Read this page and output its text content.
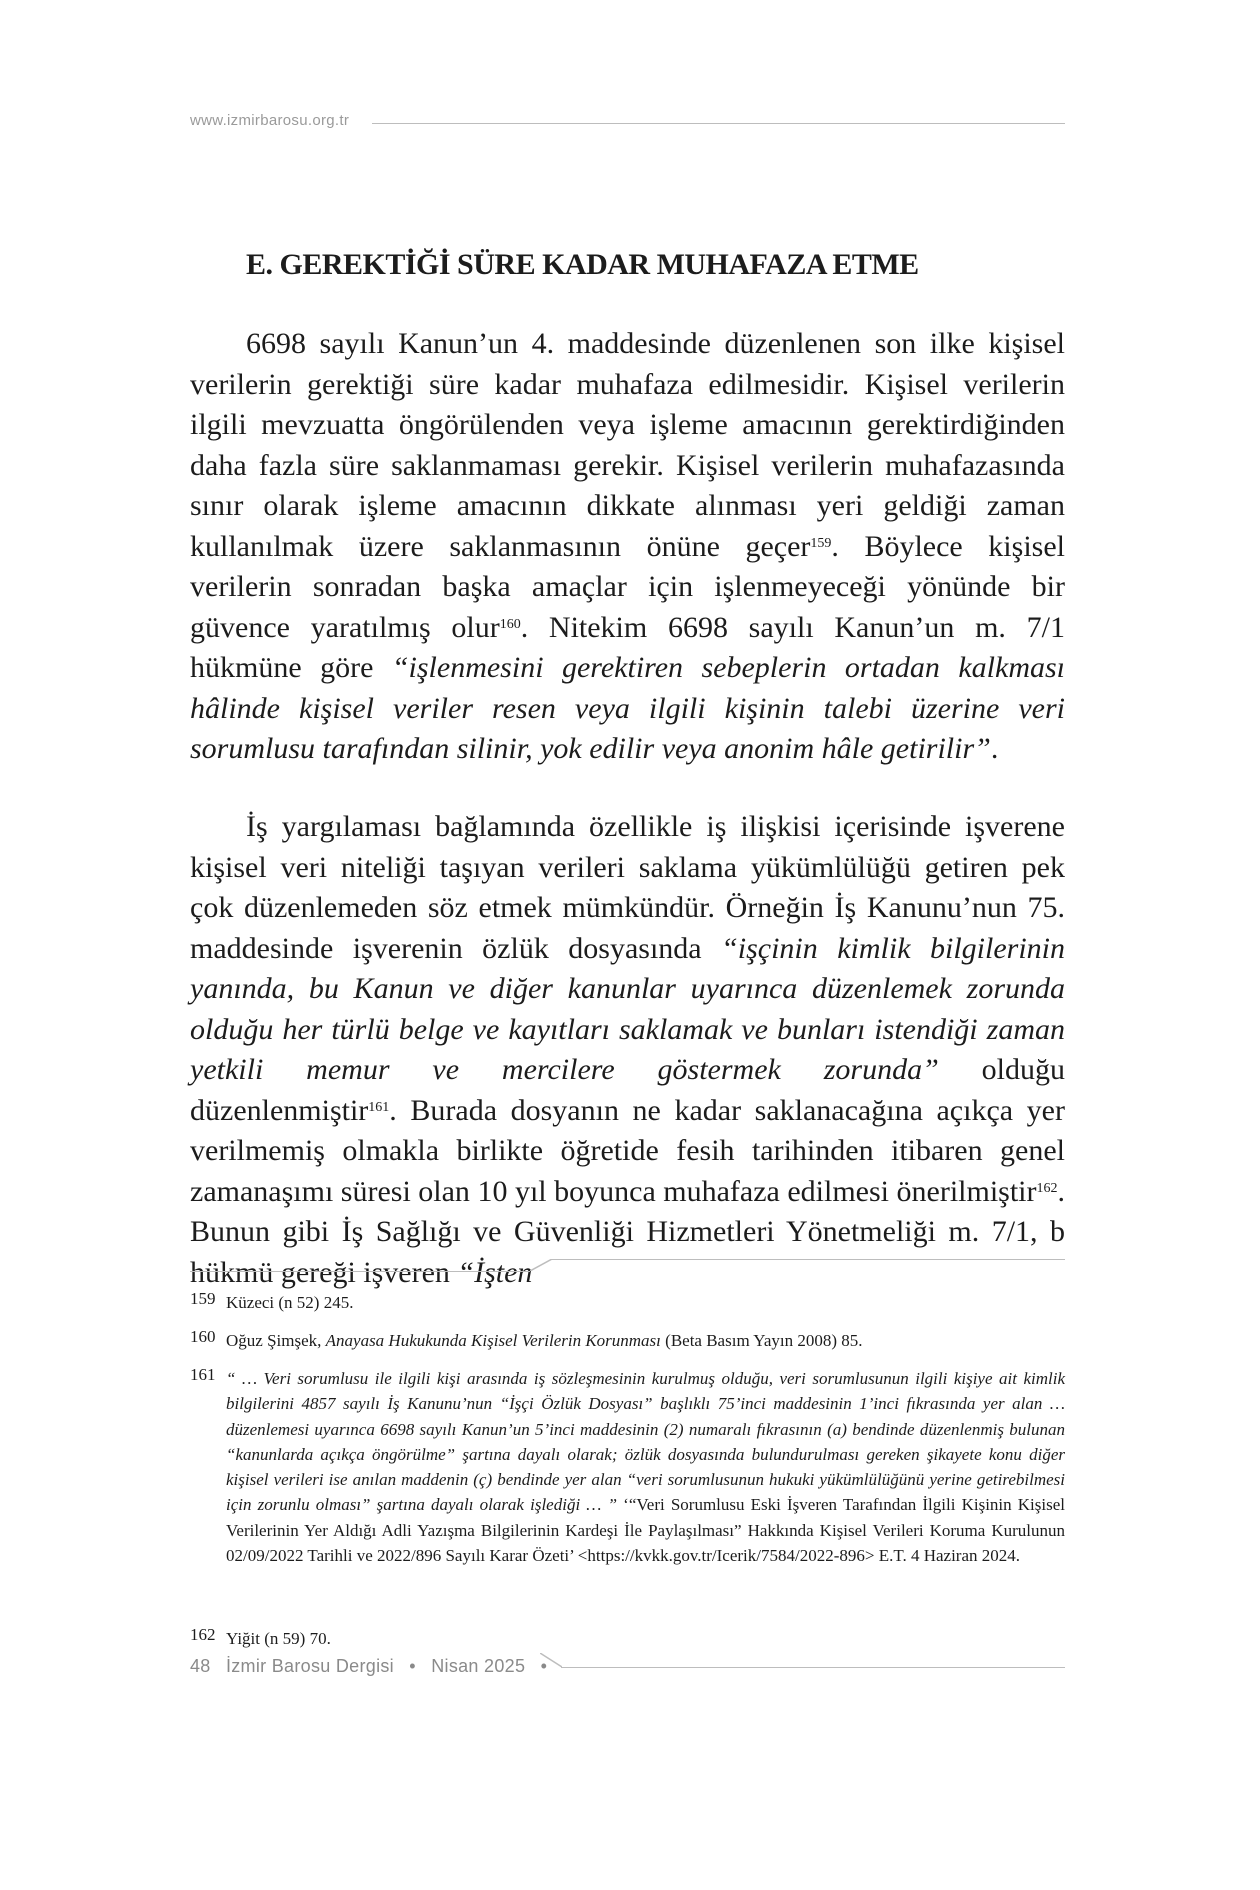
www.izmirbarosu.org.tr
E. GEREKTİĞİ SÜRE KADAR MUHAFAZA ETME

6698 sayılı Kanun’un 4. maddesinde düzenlenen son ilke kişisel verilerin gerektiği süre kadar muhafaza edilmesidir. Kişisel verilerin ilgili mevzuatta öngörülenden veya işleme amacının gerektirdiğinden daha fazla süre saklanmaması gerekir. Kişisel verilerin muhafazasında sınır olarak işleme amacının dikkate alınması yeri geldiği zaman kullanılmak üzere saklanmasının önüne geçer$^{159}$. Böylece kişisel verilerin sonradan başka amaçlar için işlenmeyeceği yönünde bir güvence yaratılmış olur$^{160}$. Nitekim 6698 sayılı Kanun’un m. 7/1 hükmüne göre “işlenmesini gerektiren sebeplerin ortadan kalkması hâlinde kişisel veriler resen veya ilgili kişinin talebi üzerine veri sorumlusu tarafından silinir, yok edilir veya anonim hâle getirilir”.

İş yargılaması bağlamında özellikle iş ilişkisi içerisinde işverene kişisel veri niteliği taşıyan verileri saklama yükümlülüğü getiren pek çok düzenlemeden söz etmek mümkündür. Örneğin İş Kanunu’nun 75. maddesinde işverenin özlük dosyasında “işçinin kimlik bilgilerinin yanında, bu Kanun ve diğer kanunlar uyarınca düzenlemek zorunda olduğu her türlü belge ve kayıtları saklamak ve bunları istendiği zaman yetkili memur ve mercilere göstermek zorunda” olduğu düzenlenmiştir$^{161}$. Burada dosyanın ne kadar saklanacağına açıkça yer verilmemiş olmakla birlikte öğretide fesih tarihinden itibaren genel zamanaşımı süresi olan 10 yıl boyunca muhafaza edilmesi önerilmiştir$^{162}$. Bunun gibi İş Sağlığı ve Güvenliği Hizmetleri Yönetmeliği m. 7/1, b hükmü gereği işveren “İşten

159 Küzeci (n 52) 245.
160 Oğuz Şimşek, Anayasa Hukukunda Kişisel Verilerin Korunması (Beta Basım Yayın 2008) 85.
161 “ … Veri sorumlusu ile ilgili kişi arasında iş sözleşmesinin kurulmuş olduğu, veri sorumlusunun ilgili kişiye ait kimlik bilgilerini 4857 sayılı İş Kanunu’nun “İşçi Özlük Dosyası” başlıklı 75’inci maddesinin 1’inci fıkrasında yer alan … düzenlemesi uyarınca 6698 sayılı Kanun’un 5’inci maddesinin (2) numaralı fıkrasının (a) bendinde düzenlenmiş bulunan “kanunlarda açıkça öngörülme” şartına dayalı olarak; özlük dosyasında bulundurulması gereken şikayete konu diğer kişisel verileri ise anılan maddenin (ç) bendinde yer alan “veri sorumlusunun hukuki yükümlülüğünü yerine getirebilmesi için zorunlu olması” şartına dayalı olarak işlediği … ” ‘“Veri Sorumlusu Eski İşveren Tarafından İlgili Kişinin Kişisel Verilerinin Yer Aldığı Adli Yazışma Bilgilerinin Kardeşi İle Paylaşılması” Hakkında Kişisel Verileri Koruma Kurulunun 02/09/2022 Tarihli ve 2022/896 Sayılı Karar Özeti’ <https://kvkk.gov.tr/Icerik/7584/2022-896> E.T. 4 Haziran 2024.
162 Yiğit (n 59) 70.
48 İzmir Barosu Dergisi • Nisan 2025 •
